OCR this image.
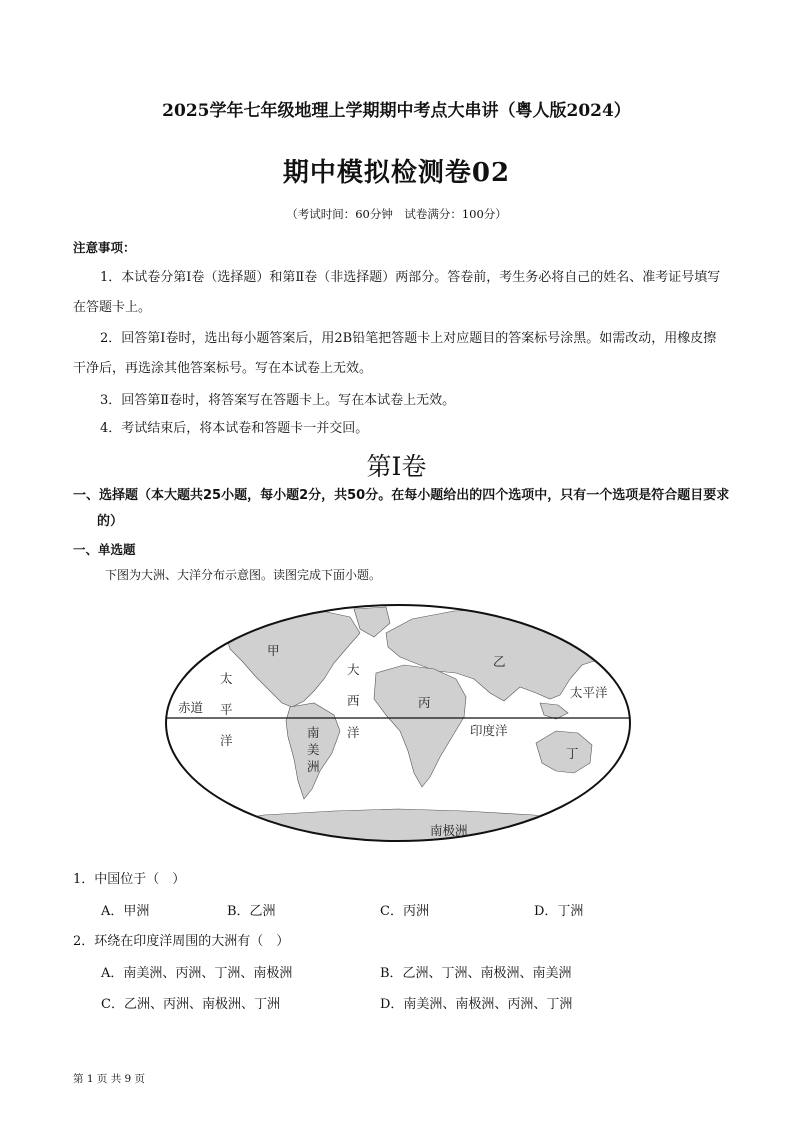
2025学年七年级地理上学期期中考点大串讲（粤人版2024）
期中模拟检测卷02
（考试时间：60分钟　试卷满分：100分）
注意事项：
1．本试卷分第Ⅰ卷（选择题）和第Ⅱ卷（非选择题）两部分。答卷前，考生务必将自己的姓名、准考证号填写在答题卡上。
2．回答第Ⅰ卷时，选出每小题答案后，用2B铅笔把答题卡上对应题目的答案标号涂黑。如需改动，用橡皮擦干净后，再选涂其他答案标号。写在本试卷上无效。
3．回答第Ⅱ卷时，将答案写在答题卡上。写在本试卷上无效。
4．考试结束后，将本试卷和答题卡一并交回。
第I卷
一、选择题（本大题共25小题，每小题2分，共50分。在每小题给出的四个选项中，只有一个选项是符合题目要求的）
一、单选题
下图为大洲、大洋分布示意图。读图完成下面小题。
甲
乙
丙
丁
赤道
太
平
洋
大
西
洋
南
美
洲
印度洋
太平洋
南极洲
1．中国位于（　）
A．甲洲	B．乙洲	C．丙洲	D．丁洲
2．环绕在印度洋周围的大洲有（　）
A．南美洲、丙洲、丁洲、南极洲	B．乙洲、丁洲、南极洲、南美洲
C．乙洲、丙洲、南极洲、丁洲	D．南美洲、南极洲、丙洲、丁洲
第 1 页 共 9 页
